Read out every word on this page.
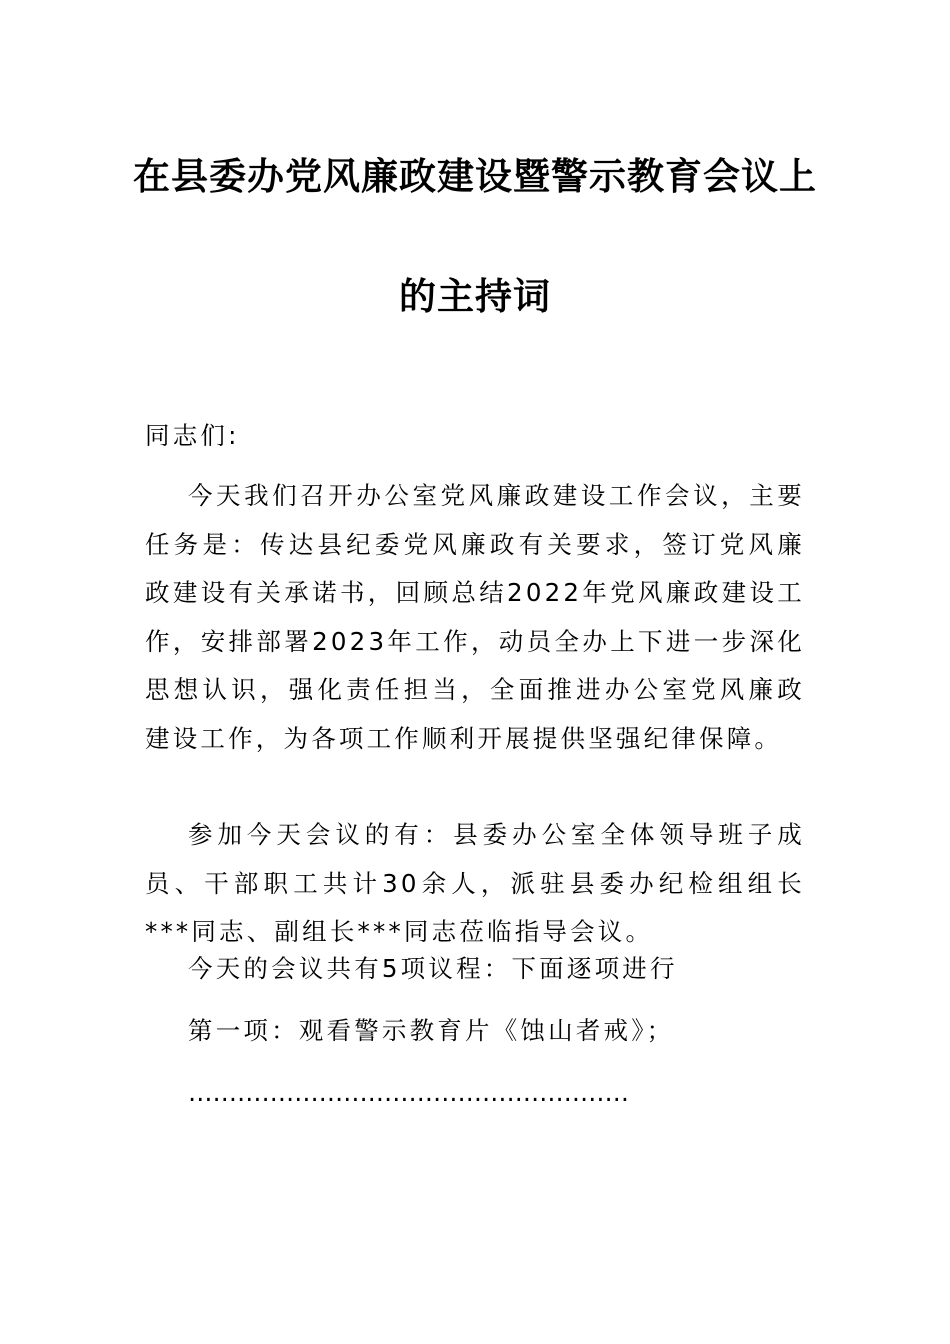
在县委办党风廉政建设暨警示教育会议上
的主持词
同志们:

今天我们召开办公室党风廉政建设工作会议，主要任务是：传达县纪委党风廉政有关要求，签订党风廉政建设有关承诺书，回顾总结2022年党风廉政建设工作，安排部署2023年工作，动员全办上下进一步深化思想认识，强化责任担当，全面推进办公室党风廉政建设工作，为各项工作顺利开展提供坚强纪律保障。

参加今天会议的有：县委办公室全体领导班子成员、干部职工共计30余人，派驻县委办纪检组组长***同志、副组长***同志莅临指导会议。

今天的会议共有5项议程：下面逐项进行

第一项：观看警示教育片《蚀山者戒》；

………………………………………………
